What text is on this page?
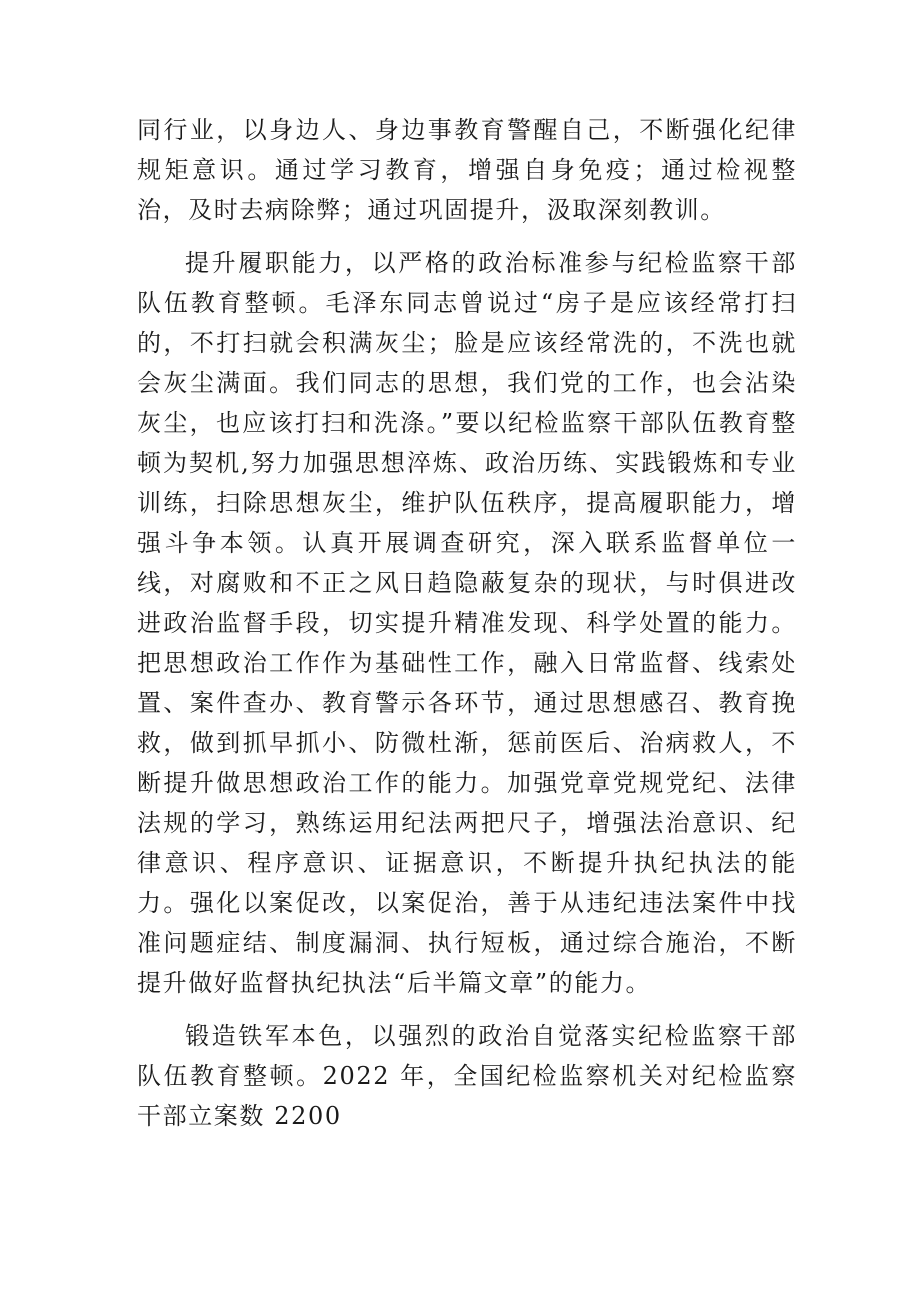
同行业，以身边人、身边事教育警醒自己，不断强化纪律规矩意识。通过学习教育，增强自身免疫；通过检视整治，及时去病除弊；通过巩固提升，汲取深刻教训。

提升履职能力，以严格的政治标准参与纪检监察干部队伍教育整顿。毛泽东同志曾说过“房子是应该经常打扫的，不打扫就会积满灰尘；脸是应该经常洗的，不洗也就会灰尘满面。我们同志的思想，我们党的工作，也会沾染灰尘，也应该打扫和洗涤。”要以纪检监察干部队伍教育整顿为契机,努力加强思想淬炼、政治历练、实践锻炼和专业训练，扫除思想灰尘，维护队伍秩序，提高履职能力，增强斗争本领。认真开展调查研究，深入联系监督单位一线，对腐败和不正之风日趋隐蔽复杂的现状，与时俱进改进政治监督手段，切实提升精准发现、科学处置的能力。把思想政治工作作为基础性工作，融入日常监督、线索处置、案件查办、教育警示各环节，通过思想感召、教育挽救，做到抓早抓小、防微杜渐，惩前医后、治病救人，不断提升做思想政治工作的能力。加强党章党规党纪、法律法规的学习，熟练运用纪法两把尺子，增强法治意识、纪律意识、程序意识、证据意识，不断提升执纪执法的能力。强化以案促改，以案促治，善于从违纪违法案件中找准问题症结、制度漏洞、执行短板，通过综合施治，不断提升做好监督执纪执法“后半篇文章”的能力。

锻造铁军本色，以强烈的政治自觉落实纪检监察干部队伍教育整顿。2022 年，全国纪检监察机关对纪检监察干部立案数 2200
